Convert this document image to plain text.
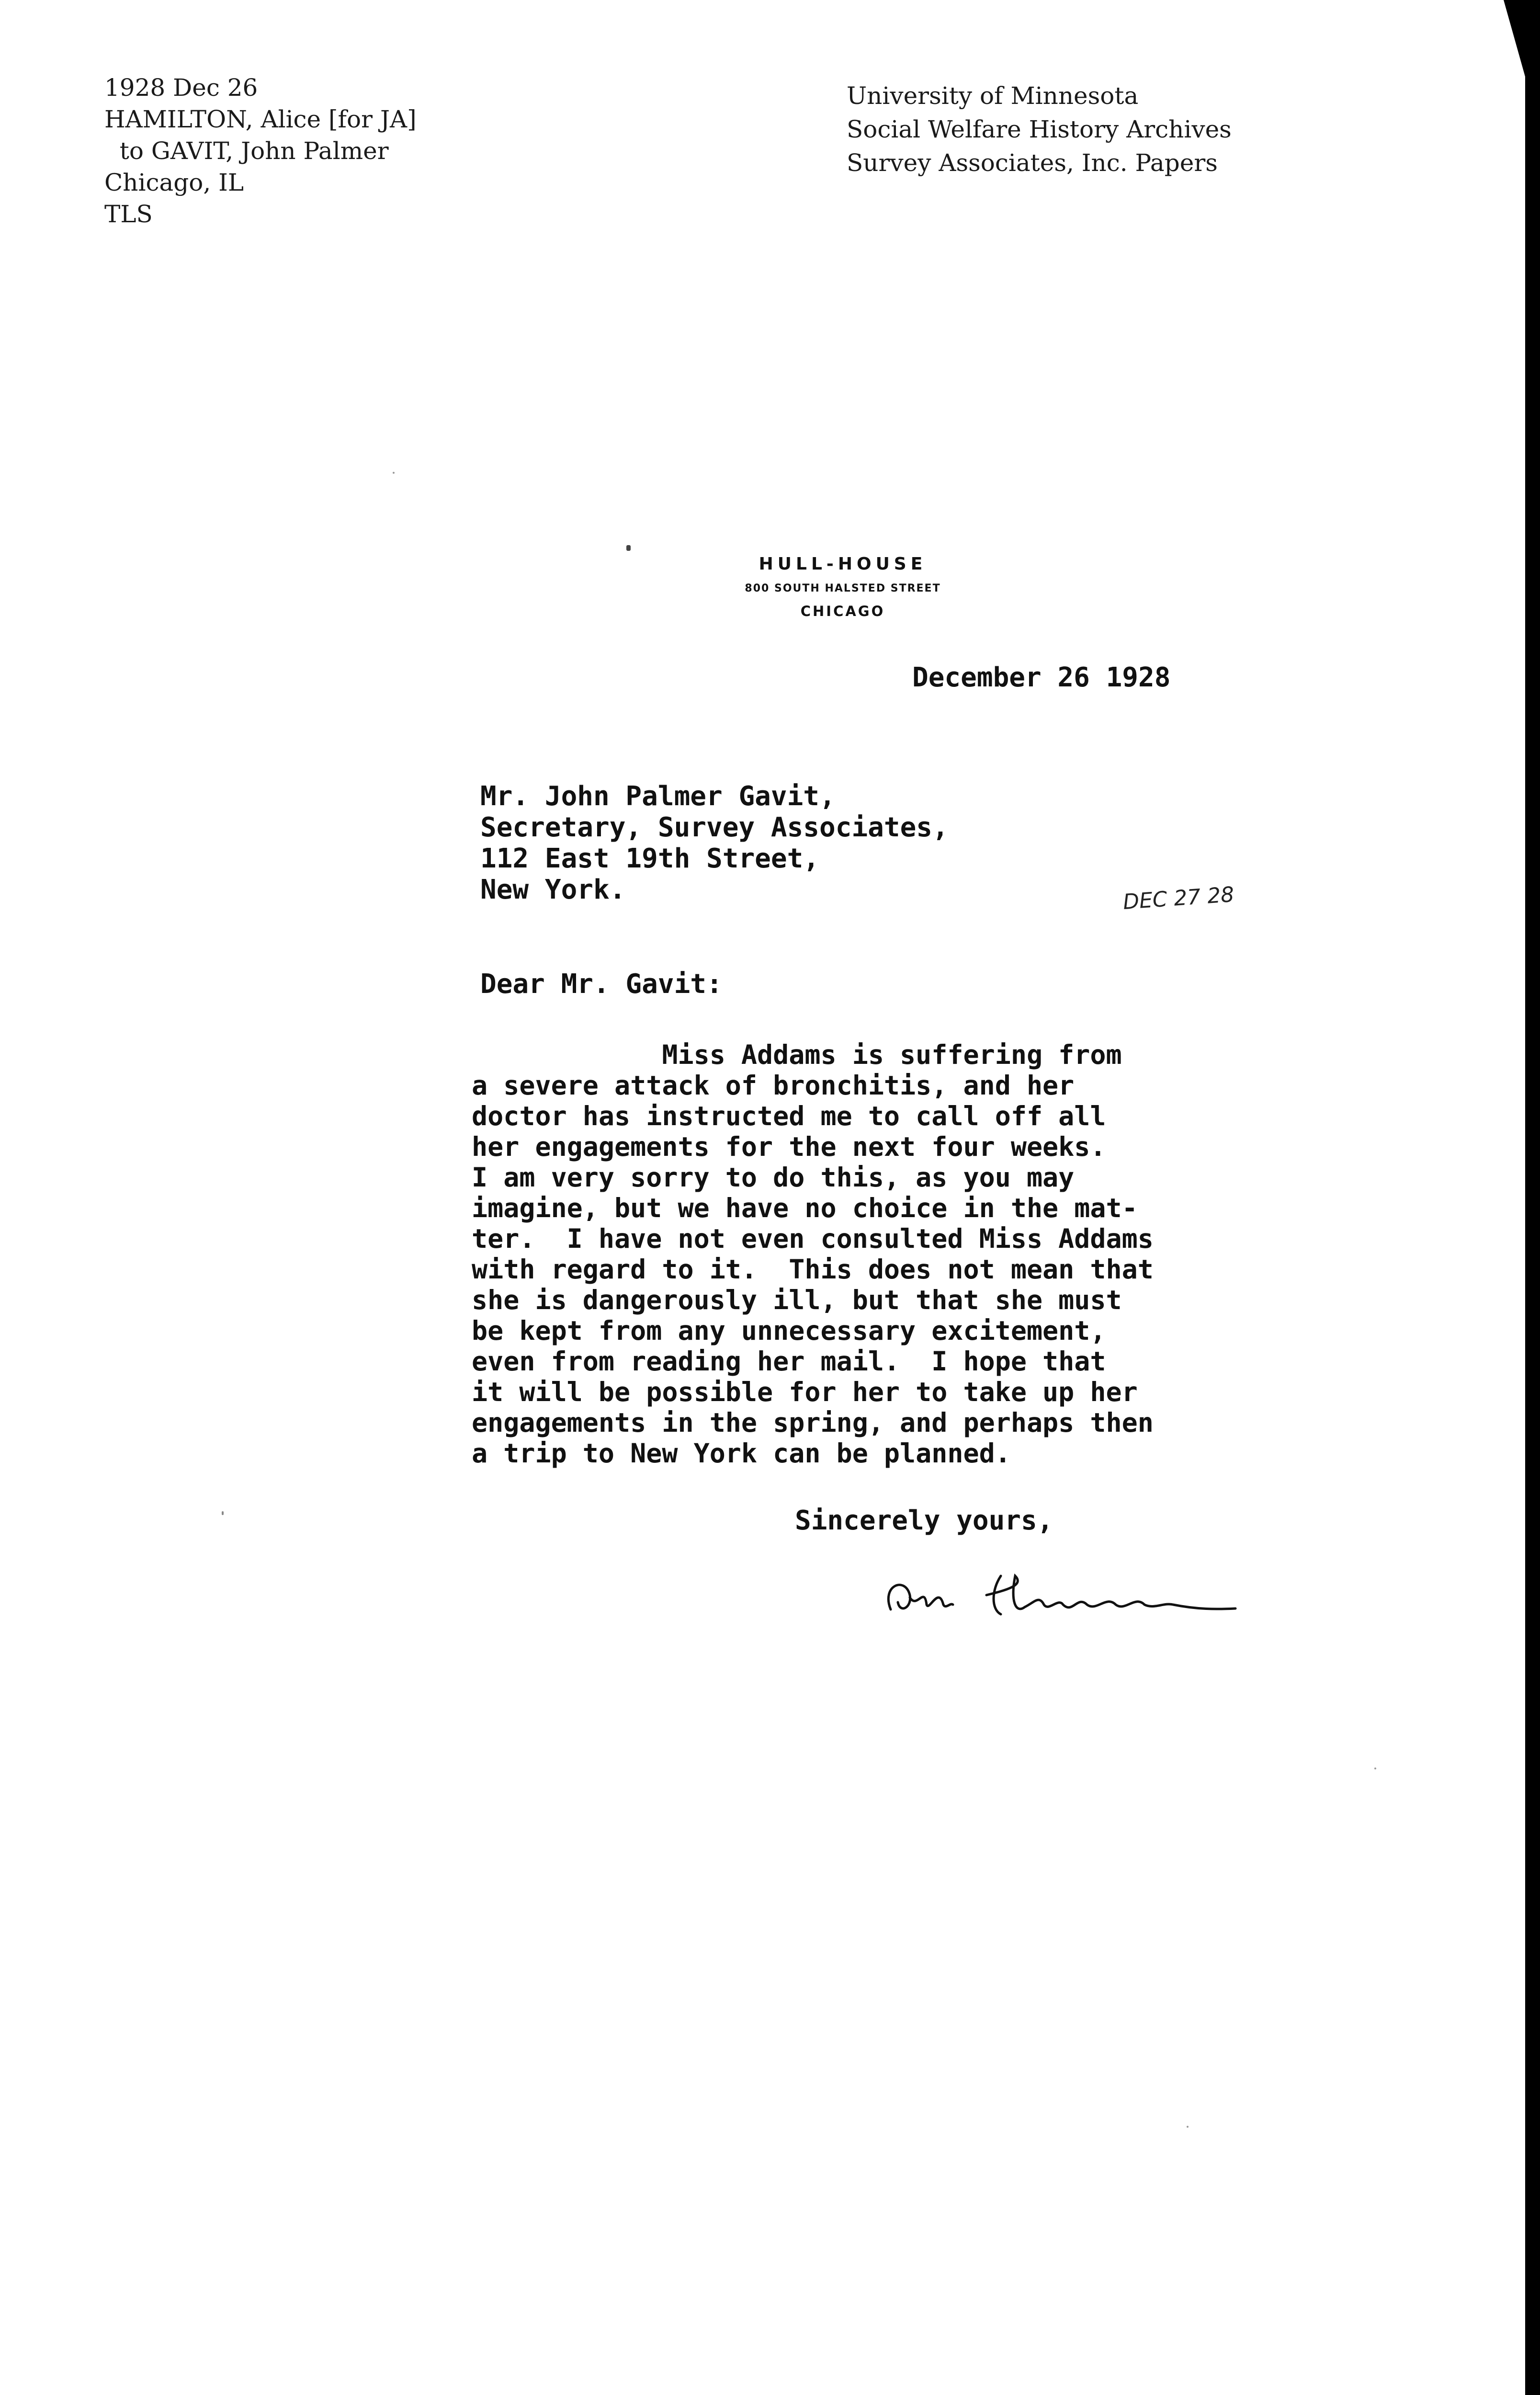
1928 Dec 26
HAMILTON, Alice [for JA]
to GAVIT, John Palmer
Chicago, IL
TLS
University of Minnesota
Social Welfare History Archives
Survey Associates, Inc. Papers
HULL-HOUSE
800 SOUTH HALSTED STREET
CHICAGO
December 26 1928
Mr. John Palmer Gavit,
Secretary, Survey Associates,
112 East 19th Street,
New York.	DEC 27 28
Dear Mr. Gavit:
Miss Addams is suffering from
a severe attack of bronchitis, and her
doctor has instructed me to call off all
her engagements for the next four weeks.
I am very sorry to do this, as you may
imagine, but we have no choice in the mat-
ter.  I have not even consulted Miss Addams
with regard to it.  This does not mean that
she is dangerously ill, but that she must
be kept from any unnecessary excitement,
even from reading her mail.  I hope that
it will be possible for her to take up her
engagements in the spring, and perhaps then
a trip to New York can be planned.
Sincerely yours,
